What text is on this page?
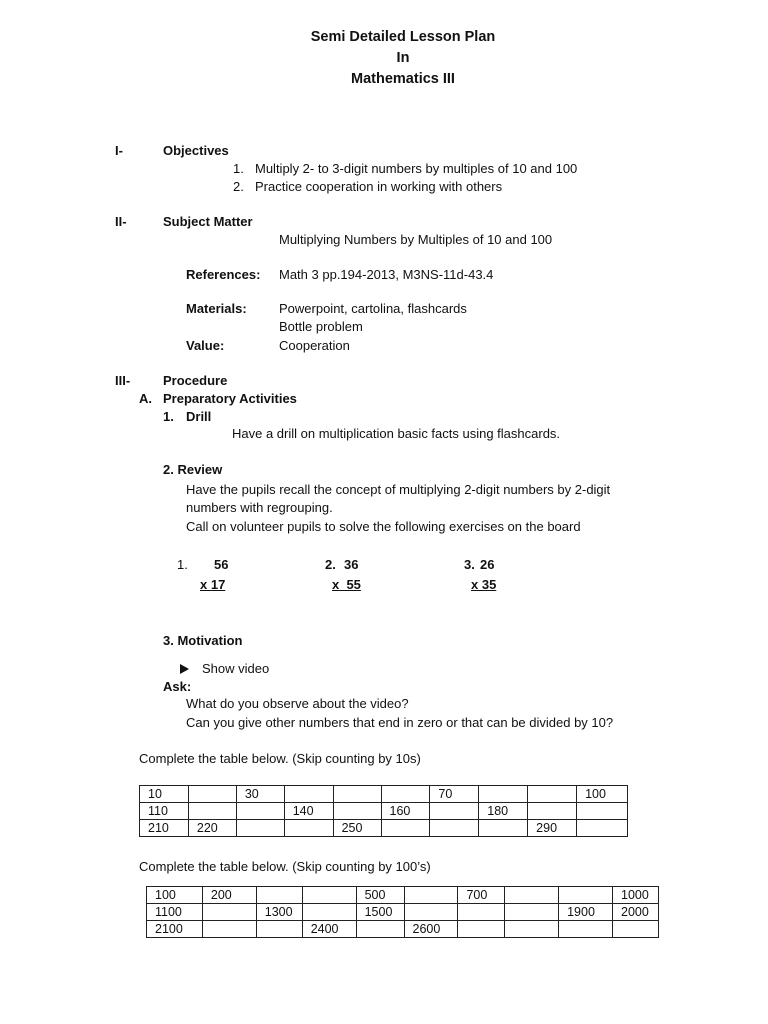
Semi Detailed Lesson Plan
In
Mathematics III
I-	Objectives
1. Multiply 2- to 3-digit numbers by multiples of 10 and 100
2. Practice cooperation in working with others
II-	Subject Matter
Multiplying Numbers by Multiples of 10 and 100
References: Math 3 pp.194-2013, M3NS-11d-43.4
Materials: Powerpoint, cartolina, flashcards
Bottle problem
Value:	Cooperation
III-	Procedure
A. Preparatory Activities
1. Drill
Have a drill on multiplication basic facts using flashcards.
2. Review
Have the pupils recall the concept of multiplying 2-digit numbers by 2-digit
numbers with regrouping.
Call on volunteer pupils to solve the following exercises on the board
1. 56
x 17
2. 36
x  55
3. 26
x 35
3. Motivation
Show video
Ask:
What do you observe about the video?
Can you give other numbers that end in zero or that can be divided by 10?
Complete the table below. (Skip counting by 10s)
10		30				70			100
110			140		160		180		
210	220			250				290	
Complete the table below. (Skip counting by 100’s)
100	200			500		700			1000
1100		1300		1500				1900	2000
2100			2400		2600				
